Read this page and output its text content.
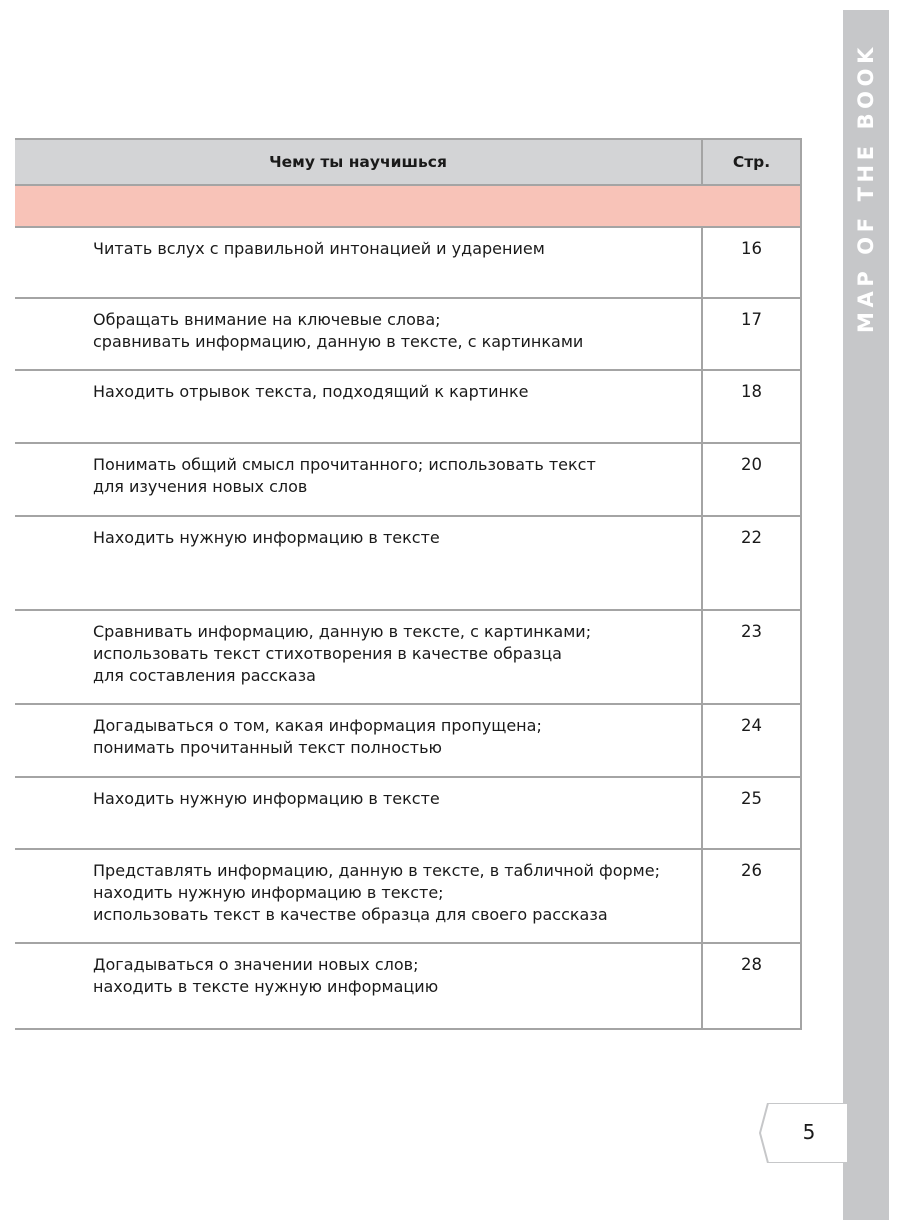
MAP OF THE BOOK
Чему ты научишься	Стр.

Читать вслух с правильной интонацией и ударением	16

Обращать внимание на ключевые слова;
сравнивать информацию, данную в тексте, с картинками	17

Находить отрывок текста, подходящий к картинке	18

Понимать общий смысл прочитанного; использовать текст
для изучения новых слов	20

Находить нужную информацию в тексте	22

Сравнивать информацию, данную в тексте, с картинками;
использовать текст стихотворения в качестве образца
для составления рассказа	23

Догадываться о том, какая информация пропущена;
понимать прочитанный текст полностью	24

Находить нужную информацию в тексте	25

Представлять информацию, данную в тексте, в табличной форме;
находить нужную информацию в тексте;
использовать текст в качестве образца для своего рассказа	26

Догадываться о значении новых слов;
находить в тексте нужную информацию	28
5
